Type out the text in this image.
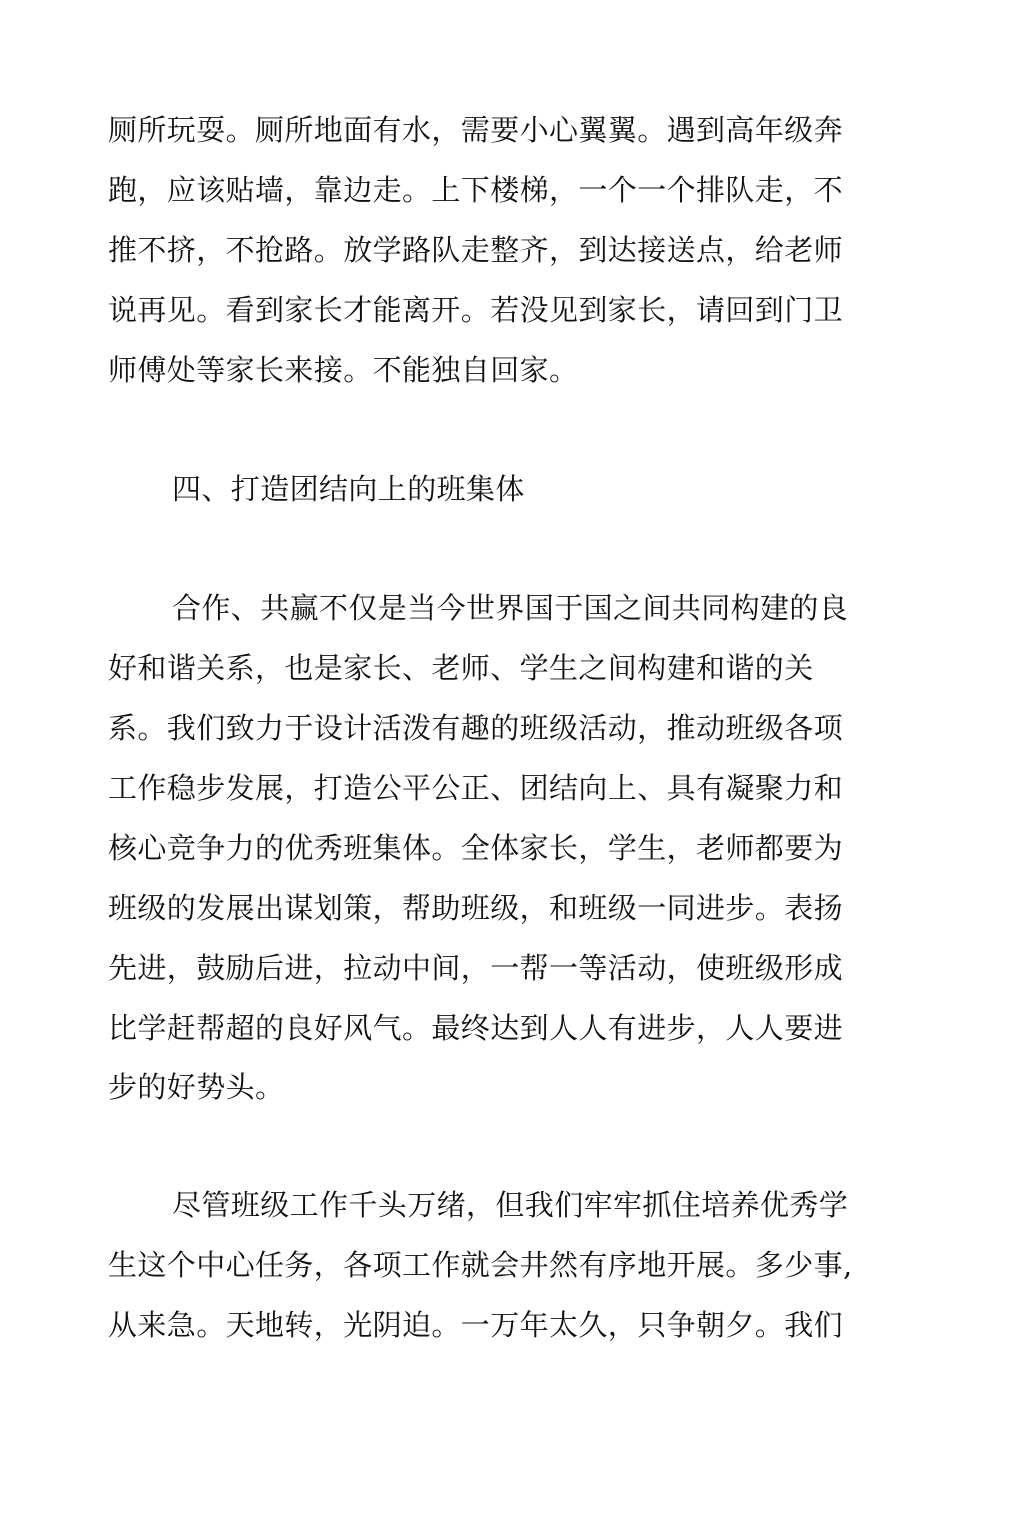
厕所玩耍。厕所地面有水，需要小心翼翼。遇到高年级奔
跑，应该贴墙，靠边走。上下楼梯，一个一个排队走，不
推不挤，不抢路。放学路队走整齐，到达接送点，给老师
说再见。看到家长才能离开。若没见到家长，请回到门卫
师傅处等家长来接。不能独自回家。
四、打造团结向上的班集体
合作、共赢不仅是当今世界国于国之间共同构建的良
好和谐关系，也是家长、老师、学生之间构建和谐的关
系。我们致力于设计活泼有趣的班级活动，推动班级各项
工作稳步发展，打造公平公正、团结向上、具有凝聚力和
核心竞争力的优秀班集体。全体家长，学生，老师都要为
班级的发展出谋划策，帮助班级，和班级一同进步。表扬
先进，鼓励后进，拉动中间，一帮一等活动，使班级形成
比学赶帮超的良好风气。最终达到人人有进步，人人要进
步的好势头。
尽管班级工作千头万绪，但我们牢牢抓住培养优秀学
生这个中心任务，各项工作就会井然有序地开展。多少事,
从来急。天地转，光阴迫。一万年太久，只争朝夕。我们
